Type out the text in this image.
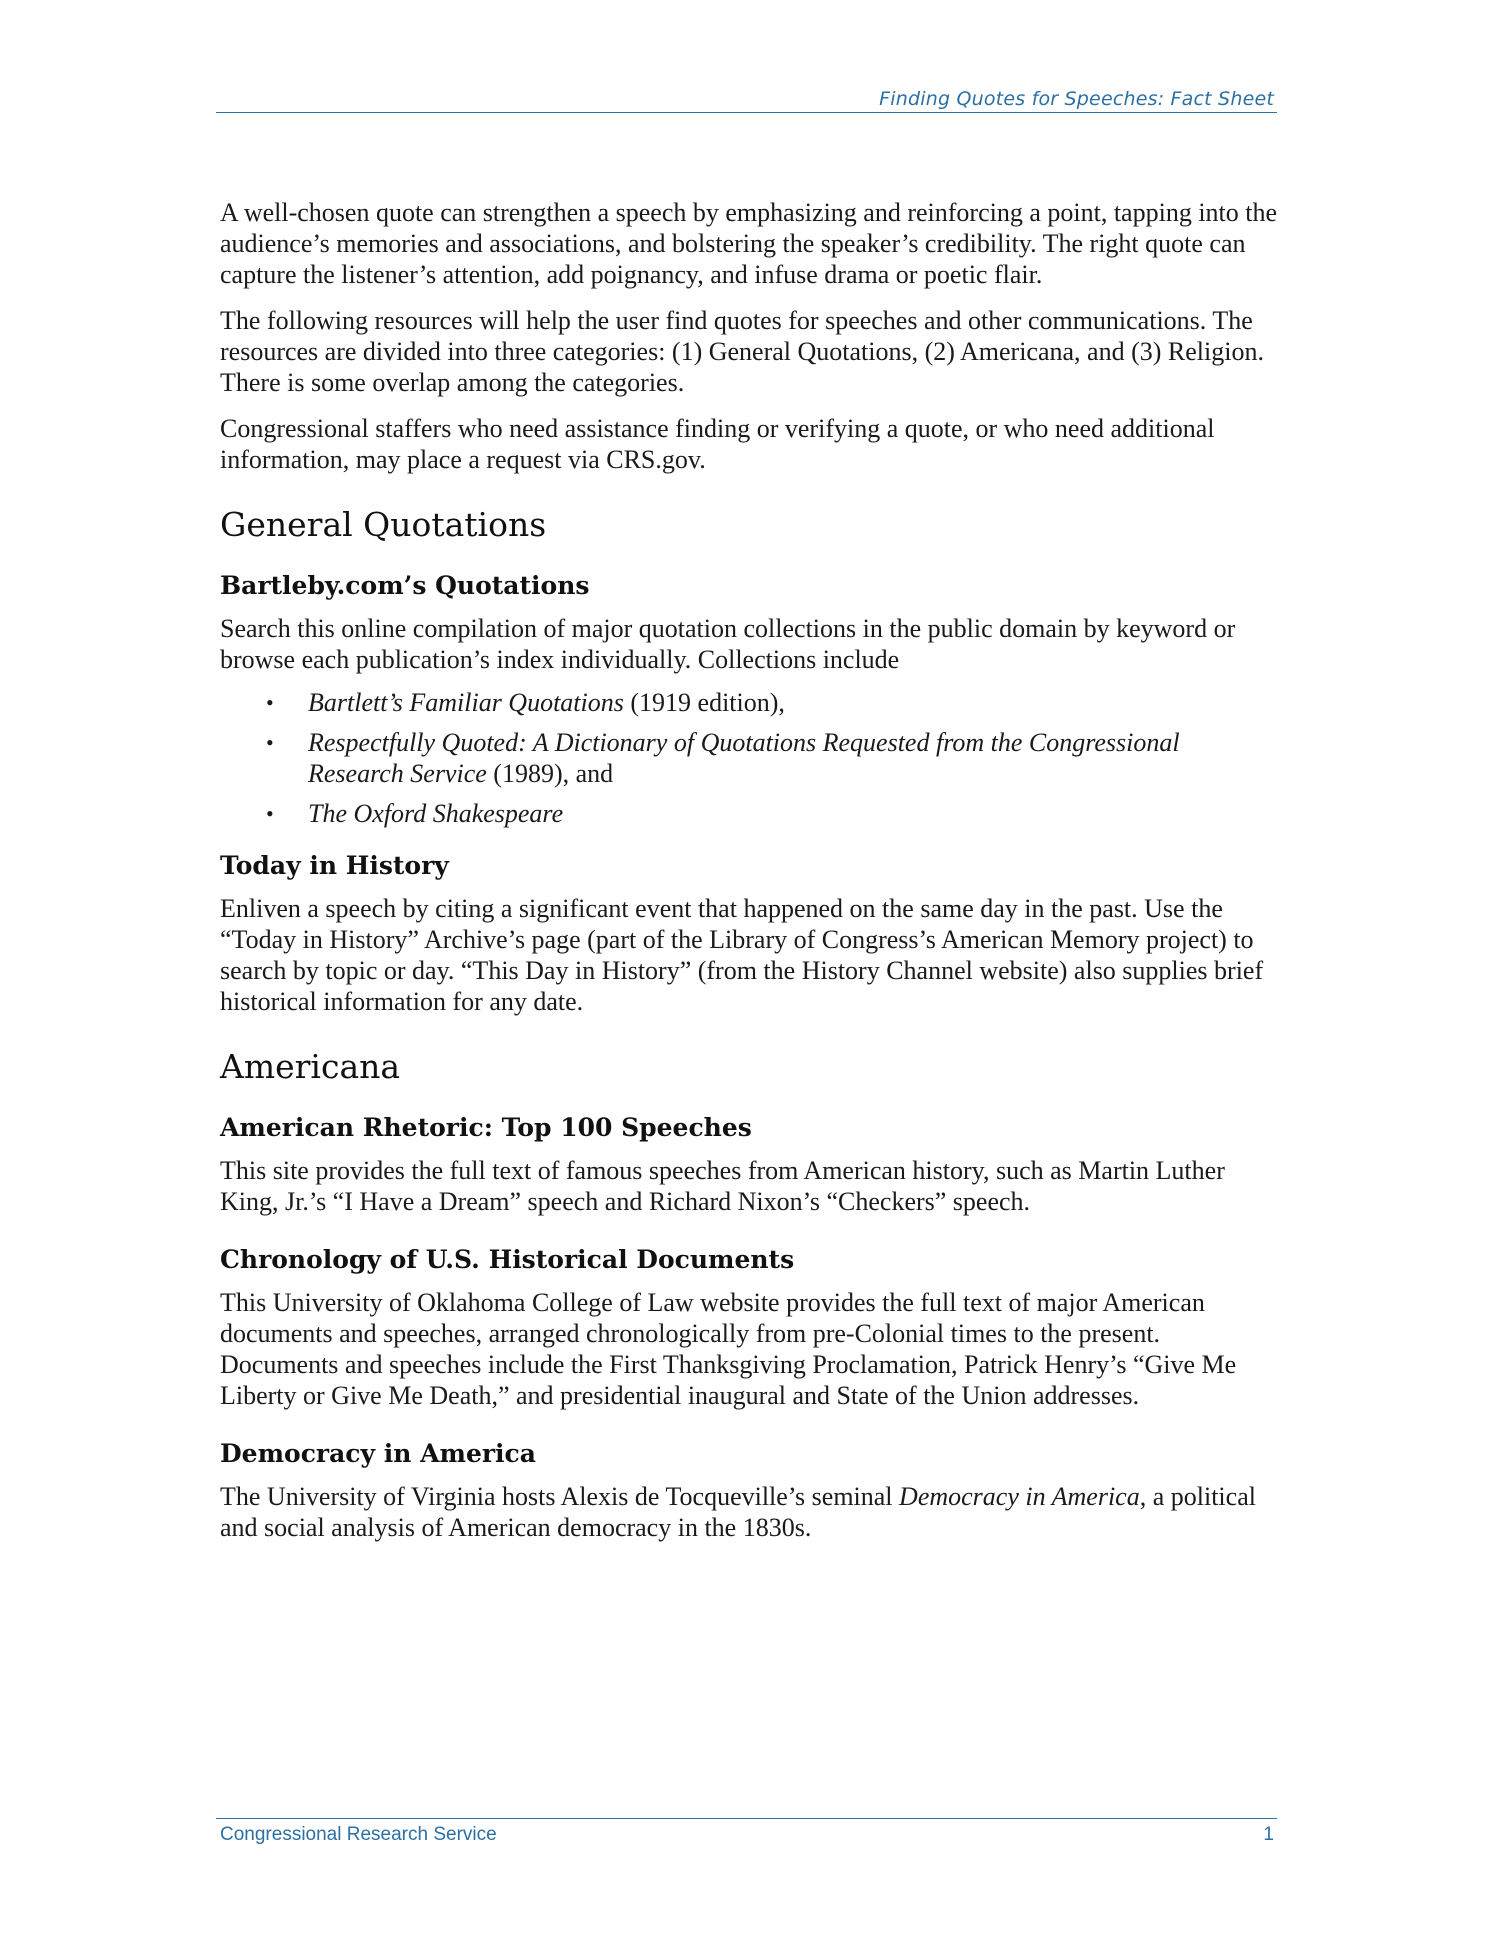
Finding Quotes for Speeches: Fact Sheet

A well-chosen quote can strengthen a speech by emphasizing and reinforcing a point, tapping into the audience’s memories and associations, and bolstering the speaker’s credibility. The right quote can capture the listener’s attention, add poignancy, and infuse drama or poetic flair.

The following resources will help the user find quotes for speeches and other communications. The resources are divided into three categories: (1) General Quotations, (2) Americana, and (3) Religion. There is some overlap among the categories.

Congressional staffers who need assistance finding or verifying a quote, or who need additional information, may place a request via CRS.gov.

General Quotations
Bartleby.com’s Quotations

Search this online compilation of major quotation collections in the public domain by keyword or browse each publication’s index individually. Collections include

• Bartlett’s Familiar Quotations (1919 edition),
• Respectfully Quoted: A Dictionary of Quotations Requested from the Congressional Research Service (1989), and
• The Oxford Shakespeare
Today in History

Enliven a speech by citing a significant event that happened on the same day in the past. Use the “Today in History” Archive’s page (part of the Library of Congress’s American Memory project) to search by topic or day. “This Day in History” (from the History Channel website) also supplies brief historical information for any date.

Americana
American Rhetoric: Top 100 Speeches

This site provides the full text of famous speeches from American history, such as Martin Luther King, Jr.’s “I Have a Dream” speech and Richard Nixon’s “Checkers” speech.

Chronology of U.S. Historical Documents

This University of Oklahoma College of Law website provides the full text of major American documents and speeches, arranged chronologically from pre-Colonial times to the present. Documents and speeches include the First Thanksgiving Proclamation, Patrick Henry’s “Give Me Liberty or Give Me Death,” and presidential inaugural and State of the Union addresses.

Democracy in America

The University of Virginia hosts Alexis de Tocqueville’s seminal Democracy in America, a political and social analysis of American democracy in the 1830s.

Congressional Research Service	1
